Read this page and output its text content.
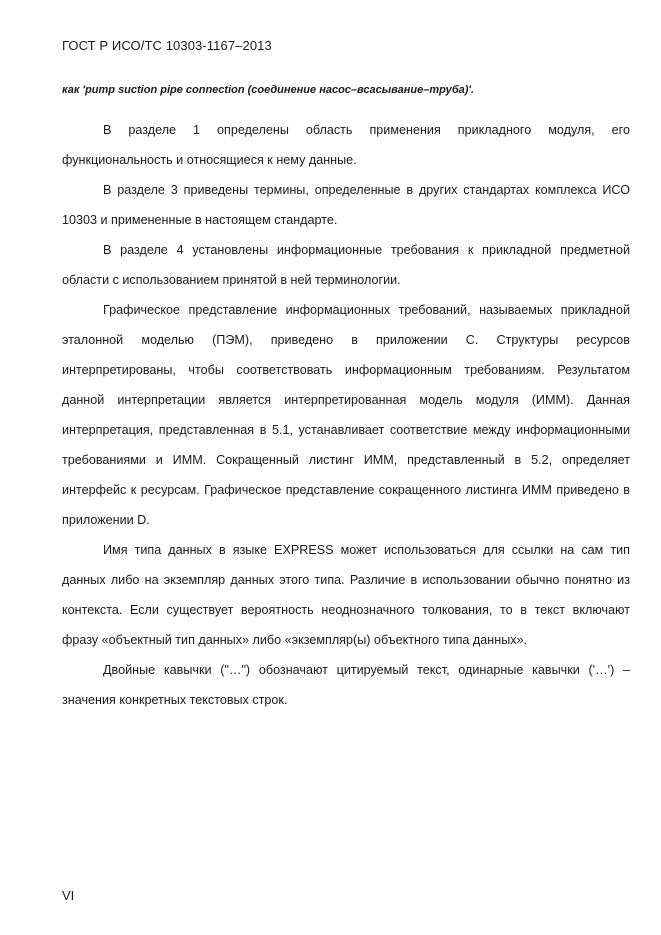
ГОСТ Р ИСО/ТС 10303-1167–2013
как 'pump suction pipe connection (соединение насос–всасывание–труба)'.

В разделе 1 определены область применения прикладного модуля, его функциональность и относящиеся к нему данные.

В разделе 3 приведены термины, определенные в других стандартах комплекса ИСО 10303 и примененные в настоящем стандарте.

В разделе 4 установлены информационные требования к прикладной предметной области с использованием принятой в ней терминологии.

Графическое представление информационных требований, называемых прикладной эталонной моделью (ПЭМ), приведено в приложении С. Структуры ресурсов интерпретированы, чтобы соответствовать информационным требованиям. Результатом данной интерпретации является интерпретированная модель модуля (ИММ). Данная интерпретация, представленная в 5.1, устанавливает соответствие между информационными требованиями и ИММ. Сокращенный листинг ИММ, представленный в 5.2, определяет интерфейс к ресурсам. Графическое представление сокращенного листинга ИММ приведено в приложении D.

Имя типа данных в языке EXPRESS может использоваться для ссылки на сам тип данных либо на экземпляр данных этого типа. Различие в использовании обычно понятно из контекста. Если существует вероятность неоднозначного толкования, то в текст включают фразу «объектный тип данных» либо «экземпляр(ы) объектного типа данных».

Двойные кавычки ("…") обозначают цитируемый текст, одинарные кавычки ('…') – значения конкретных текстовых строк.

VI
